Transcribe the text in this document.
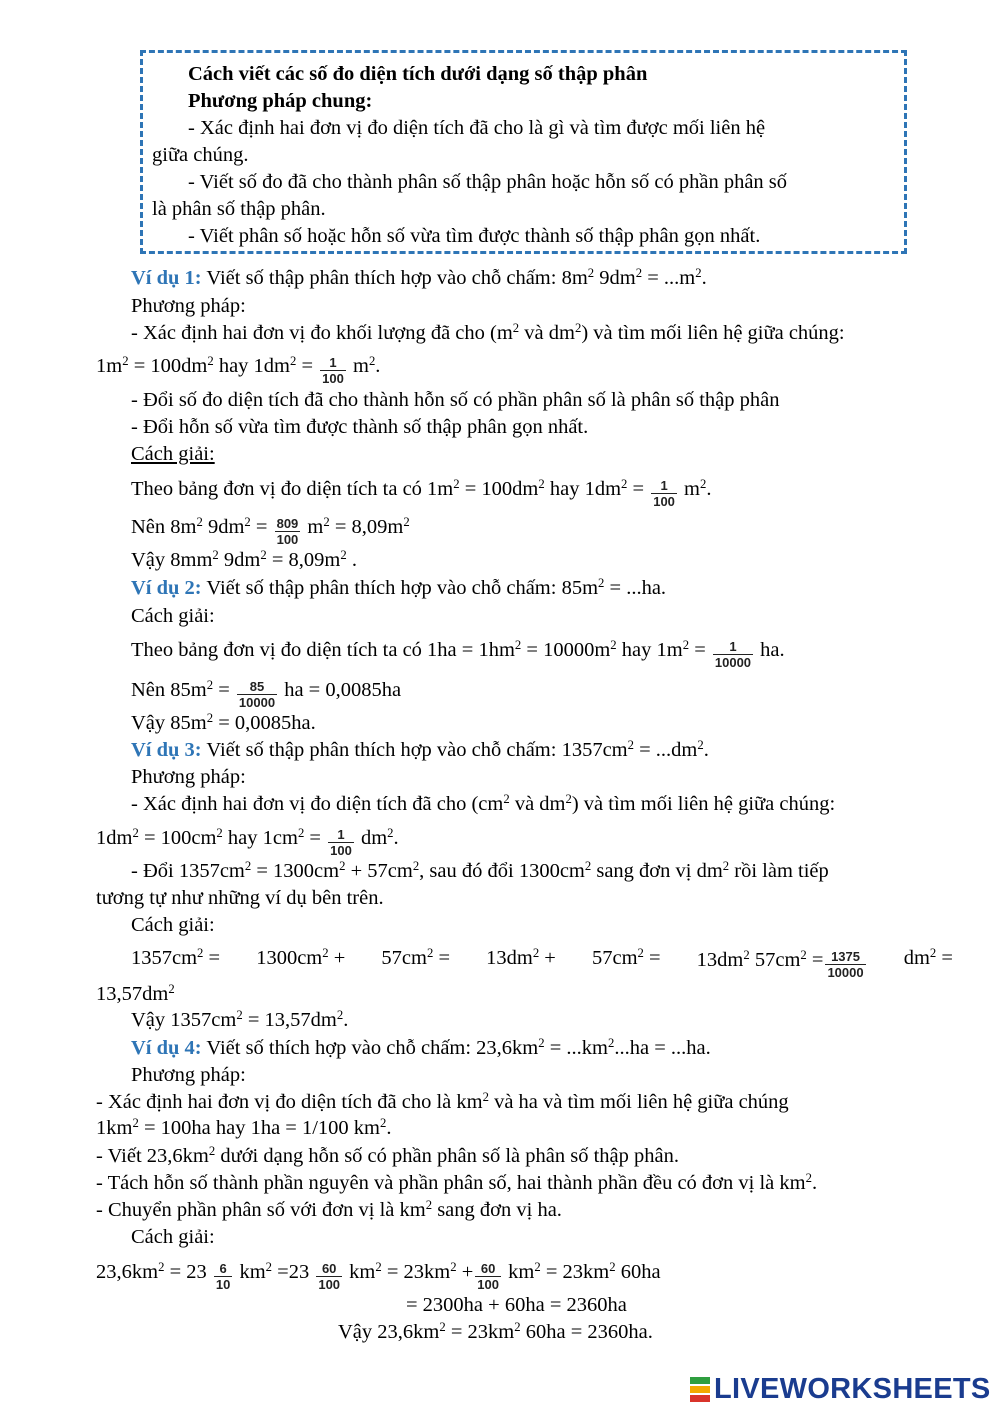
Cách viết các số đo diện tích dưới dạng số thập phân
Phương pháp chung:
- Xác định hai đơn vị đo diện tích đã cho là gì và tìm được mối liên hệ
giữa chúng.
- Viết số đo đã cho thành phân số thập phân hoặc hỗn số có phần phân số
là phân số thập phân.
- Viết phân số hoặc hỗn số vừa tìm được thành số thập phân gọn nhất.
Ví dụ 1: Viết số thập phân thích hợp vào chỗ chấm: $8m^2$ $9dm^2 = ...m^2$.
Phương pháp:
- Xác định hai đơn vị đo khối lượng đã cho ($m^2$ và $dm^2$) và tìm mối liên hệ giữa chúng:
$1m^2 = 100dm^2$ hay $1dm^2 = \frac{1}{100} m^2$.
- Đổi số đo diện tích đã cho thành hỗn số có phần phân số là phân số thập phân
- Đổi hỗn số vừa tìm được thành số thập phân gọn nhất.
Cách giải:
Theo bảng đơn vị đo diện tích ta có $1m^2 = 100dm^2$ hay $1dm^2 = \frac{1}{100} m^2$.
Nên $8m^2$ $9dm^2 = \frac{809}{100} m^2 = 8,09m^2$
Vậy $8mm^2$ $9dm^2 = 8,09m^2$ .
Ví dụ 2: Viết số thập phân thích hợp vào chỗ chấm: $85m^2 = ...ha$.
Cách giải:
Theo bảng đơn vị đo diện tích ta có $1ha = 1hm^2 = 10000m^2$ hay $1m^2 = \frac{1}{10000}$ ha.
Nên $85m^2 = \frac{85}{10000}$ ha = 0,0085ha
Vậy $85m^2 = 0,0085ha$.
Ví dụ 3: Viết số thập phân thích hợp vào chỗ chấm: $1357cm^2 = ...dm^2$.
Phương pháp:
- Xác định hai đơn vị đo diện tích đã cho ($cm^2$ và $dm^2$) và tìm mối liên hệ giữa chúng:
$1dm^2 = 100cm^2$ hay $1cm^2 = \frac{1}{100} dm^2$.
- Đổi $1357cm^2 = 1300cm^2 + 57cm^2$, sau đó đổi $1300cm^2$ sang đơn vị $dm^2$ rồi làm tiếp
tương tự như những ví dụ bên trên.
Cách giải:
$1357cm^2 = 1300cm^2 + 57cm^2 = 13dm^2 + 57cm^2 = 13dm^2$ $57cm^2 = \frac{1375}{10000} dm^2$ =
$13,57dm^2$
Vậy $1357cm^2 = 13,57dm^2$.
Ví dụ 4: Viết số thích hợp vào chỗ chấm: $23,6km^2 = ...km^2...ha = ...ha$.
Phương pháp:
- Xác định hai đơn vị đo diện tích đã cho là $km^2$ và ha và tìm mối liên hệ giữa chúng
$1km^2 = 100ha$ hay 1ha = 1/100 $km^2$.
- Viết $23,6km^2$ dưới dạng hỗn số có phần phân số là phân số thập phân.
- Tách hỗn số thành phần nguyên và phần phân số, hai thành phần đều có đơn vị là $km^2$.
- Chuyển phần phân số với đơn vị là $km^2$ sang đơn vị ha.
Cách giải:
$23,6km^2 = 23 \frac{6}{10} km^2 =23 \frac{60}{100} km^2 = 23km^2 + \frac{60}{100} km^2 = 23km^2$ 60ha
= 2300ha + 60ha = 2360ha
Vậy $23,6km^2 = 23km^2$ 60ha = 2360ha.
LIVEWORKSHEETS
